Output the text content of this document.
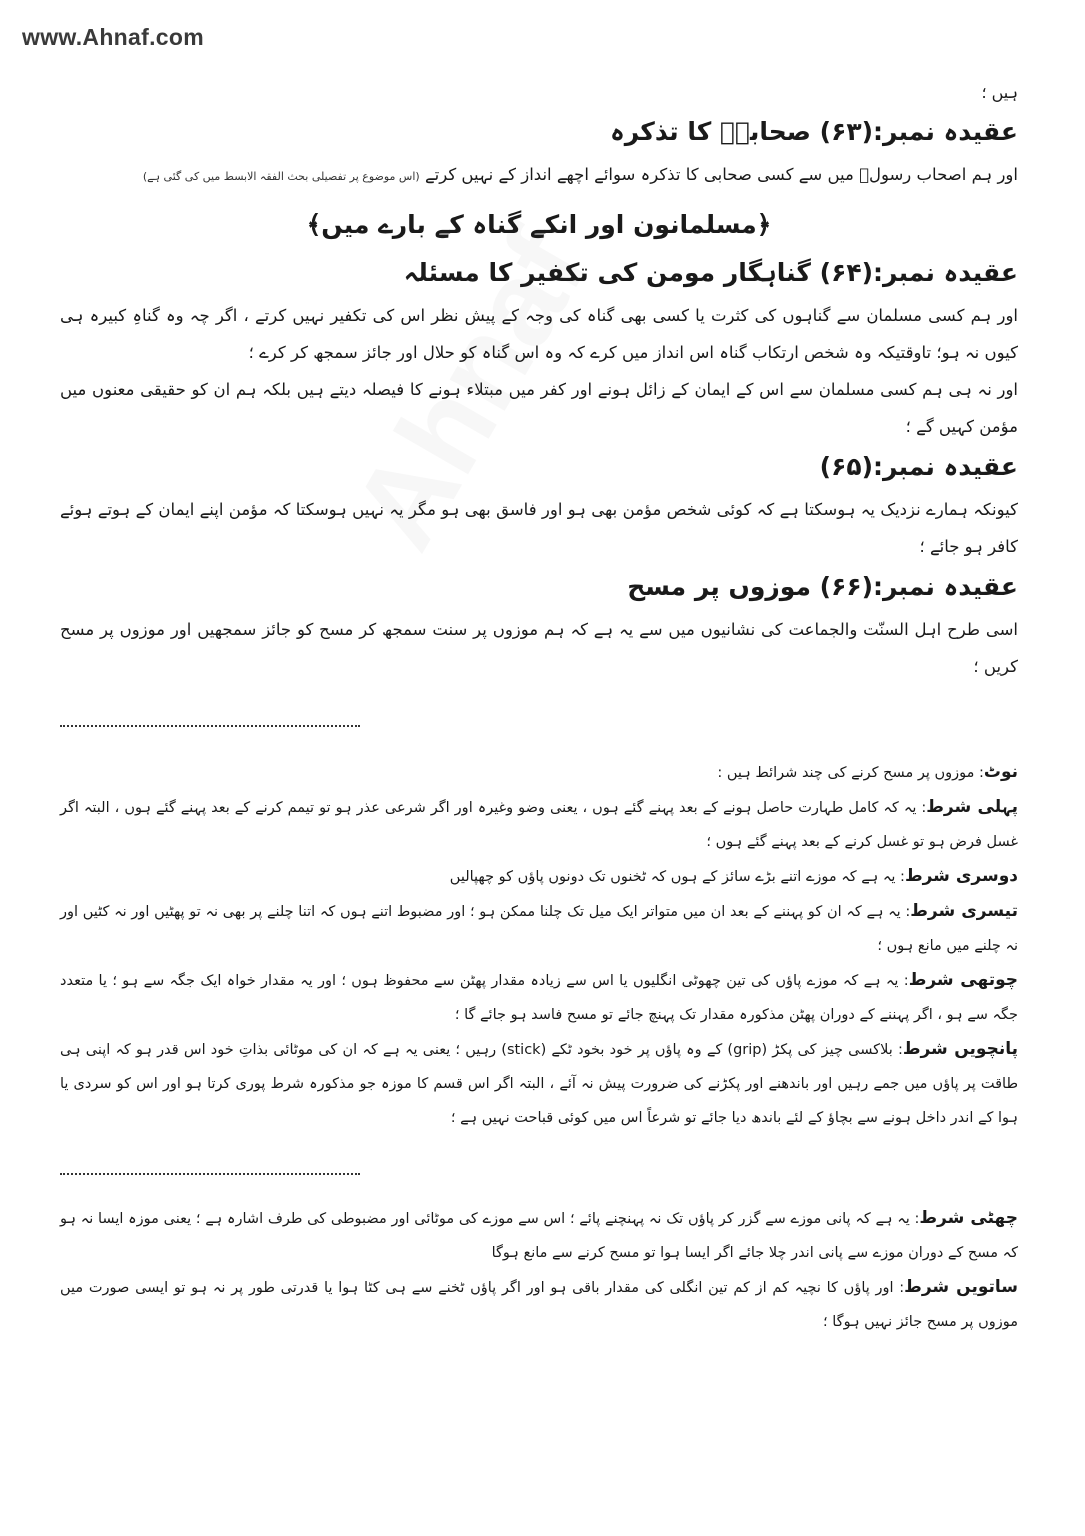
www.Ahnaf.com

ہیں ؛

عقیدہ نمبر:(۶۳) صحابہؓ کا تذکرہ

اور ہم اصحاب رسولؐ میں سے کسی صحابی کا تذکرہ سوائے اچھے انداز کے نہیں کرتے (اس موضوع پر تفصیلی بحث الفقہ الابسط میں کی گئی ہے)

﴿مسلمانون اور انکے گناہ کے بارے میں﴾
عقیدہ نمبر:(۶۴) گناہگار مومن کی تکفیر کا مسئلہ

اور ہم کسی مسلمان سے گناہوں کی کثرت یا کسی بھی گناہ کی وجہ کے پیش نظر اس کی تکفیر نہیں کرتے ، اگر چہ وہ گناہِ کبیرہ ہی کیوں نہ ہو؛ تاوقتیکہ وہ شخص ارتکاب گناہ اس انداز میں کرے کہ وہ اس گناہ کو حلال اور جائز سمجھ کر کرے ؛

اور نہ ہی ہم کسی مسلمان سے اس کے ایمان کے زائل ہونے اور کفر میں مبتلاء ہونے کا فیصلہ دیتے ہیں بلکہ ہم ان کو حقیقی معنوں میں مؤمن کہیں گے ؛

عقیدہ نمبر:(۶۵)

کیونکہ ہمارے نزدیک یہ ہوسکتا ہے کہ کوئی شخص مؤمن بھی ہو اور فاسق بھی ہو مگر یہ نہیں ہوسکتا کہ مؤمن اپنے ایمان کے ہوتے ہوئے کافر ہو جائے ؛

عقیدہ نمبر:(۶۶) موزوں پر مسح

اسی طرح اہل السنّت والجماعت کی نشانیوں میں سے یہ ہے کہ ہم موزوں پر سنت سمجھ کر مسح کو جائز سمجھیں اور موزوں پر مسح کریں ؛

نوٹ: موزوں پر مسح کرنے کی چند شرائط ہیں :

پہلی شرط: یہ کہ کامل طہارت حاصل ہونے کے بعد پہنے گئے ہوں ، یعنی وضو وغیرہ اور اگر شرعی عذر ہو تو تیمم کرنے کے بعد پہنے گئے ہوں ، البتہ اگر غسل فرض ہو تو غسل کرنے کے بعد پہنے گئے ہوں ؛

دوسری شرط: یہ ہے کہ موزے اتنے بڑے سائز کے ہوں کہ ٹخنوں تک دونوں پاؤں کو چھپالیں

تیسری شرط: یہ ہے کہ ان کو پہننے کے بعد ان میں متواتر ایک میل تک چلنا ممکن ہو ؛ اور مضبوط اتنے ہوں کہ اتنا چلنے پر بھی نہ تو پھٹیں اور نہ کٹیں اور نہ چلنے میں مانع ہوں ؛

چوتھی شرط: یہ ہے کہ موزے پاؤں کی تین چھوٹی انگلیوں یا اس سے زیادہ مقدار پھٹن سے محفوظ ہوں ؛ اور یہ مقدار خواہ ایک جگہ سے ہو ؛ یا متعدد جگہ سے ہو ، اگر پہننے کے دوران پھٹن مذکورہ مقدار تک پہنچ جائے تو مسح فاسد ہو جائے گا ؛

پانچویں شرط: بلاکسی چیز کی پکڑ (grip) کے وہ پاؤں پر خود بخود ٹکے (stick) رہیں ؛ یعنی یہ ہے کہ ان کی موٹائی بذاتِ خود اس قدر ہو کہ اپنی ہی طاقت پر پاؤں میں جمے رہیں اور باندھنے اور پکڑنے کی ضرورت پیش نہ آئے ، البتہ اگر اس قسم کا موزہ جو مذکورہ شرط پوری کرتا ہو اور اس کو سردی یا ہوا کے اندر داخل ہونے سے بچاؤ کے لئے باندھ دیا جائے تو شرعاً اس میں کوئی قباحت نہیں ہے ؛

چھٹی شرط: یہ ہے کہ پانی موزے سے گزر کر پاؤں تک نہ پہنچنے پائے ؛ اس سے موزے کی موٹائی اور مضبوطی کی طرف اشارہ ہے ؛ یعنی موزہ ایسا نہ ہو کہ مسح کے دوران موزے سے پانی اندر چلا جائے اگر ایسا ہوا تو مسح کرنے سے مانع ہوگا

ساتویں شرط: اور پاؤں کا نچیہ کم از کم تین انگلی کی مقدار باقی ہو اور اگر پاؤں ٹخنے سے ہی کٹا ہوا یا قدرتی طور پر نہ ہو تو ایسی صورت میں موزوں پر مسح جائز نہیں ہوگا ؛
